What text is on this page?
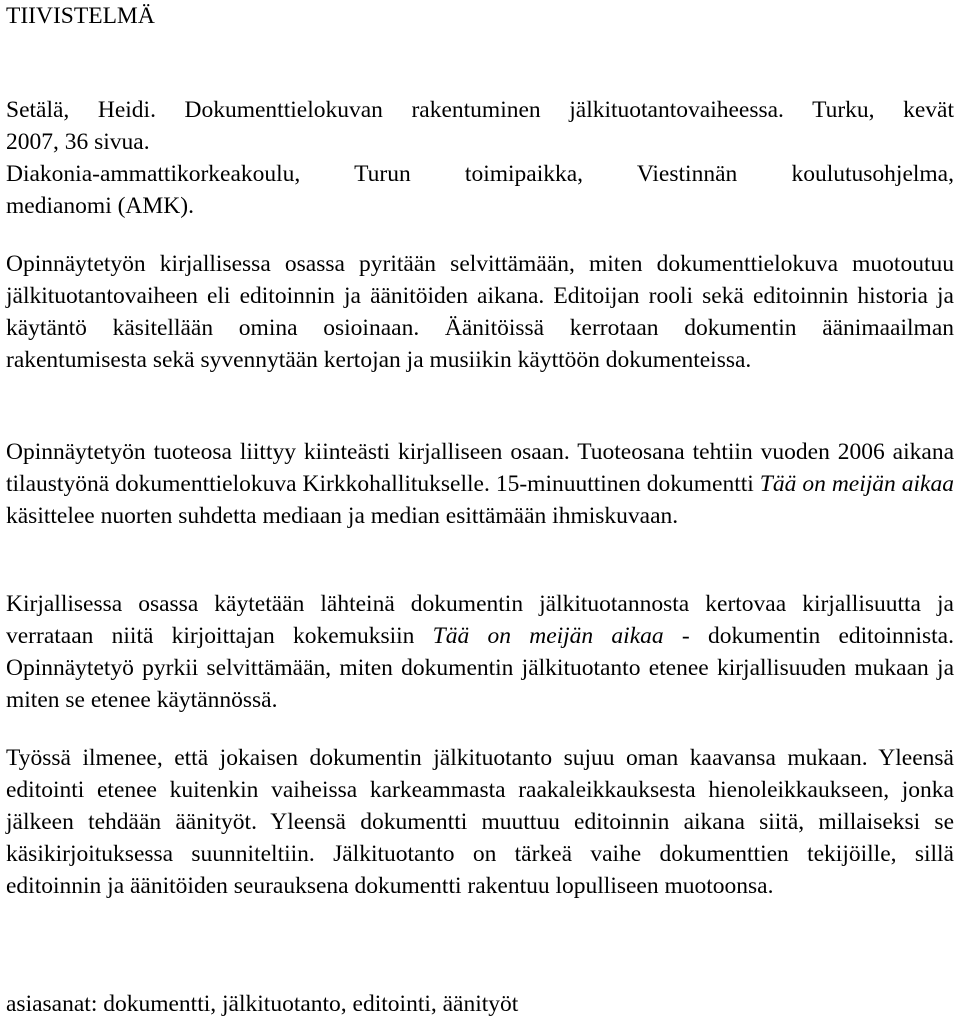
TIIVISTELMÄ
Setälä, Heidi. Dokumenttielokuvan rakentuminen jälkituotantovaiheessa. Turku, kevät
2007, 36 sivua.
Diakonia-ammattikorkeakoulu, Turun toimipaikka, Viestinnän koulutusohjelma,
medianomi (AMK).

Opinnäytetyön kirjallisessa osassa pyritään selvittämään, miten dokumenttielokuva muotoutuu jälkituotantovaiheen eli editoinnin ja äänitöiden aikana. Editoijan rooli sekä editoinnin historia ja käytäntö käsitellään omina osioinaan. Äänitöissä kerrotaan dokumentin äänimaailman rakentumisesta sekä syvennytään kertojan ja musiikin käyttöön dokumenteissa.

Opinnäytetyön tuoteosa liittyy kiinteästi kirjalliseen osaan. Tuoteosana tehtiin vuoden 2006 aikana tilaustyönä dokumenttielokuva Kirkkohallitukselle. 15-minuuttinen dokumentti Tää on meijän aikaa käsittelee nuorten suhdetta mediaan ja median esittämään ihmiskuvaan.

Kirjallisessa osassa käytetään lähteinä dokumentin jälkituotannosta kertovaa kirjallisuutta ja verrataan niitä kirjoittajan kokemuksiin Tää on meijän aikaa - dokumentin editoinnista. Opinnäytetyö pyrkii selvittämään, miten dokumentin jälkituotanto etenee kirjallisuuden mukaan ja miten se etenee käytännössä.

Työssä ilmenee, että jokaisen dokumentin jälkituotanto sujuu oman kaavansa mukaan. Yleensä editointi etenee kuitenkin vaiheissa karkeammasta raakaleikkauksesta hienoleikkaukseen, jonka jälkeen tehdään äänityöt. Yleensä dokumentti muuttuu editoinnin aikana siitä, millaiseksi se käsikirjoituksessa suunniteltiin. Jälkituotanto on tärkeä vaihe dokumenttien tekijöille, sillä editoinnin ja äänitöiden seurauksena dokumentti rakentuu lopulliseen muotoonsa.

asiasanat: dokumentti, jälkituotanto, editointi, äänityöt
